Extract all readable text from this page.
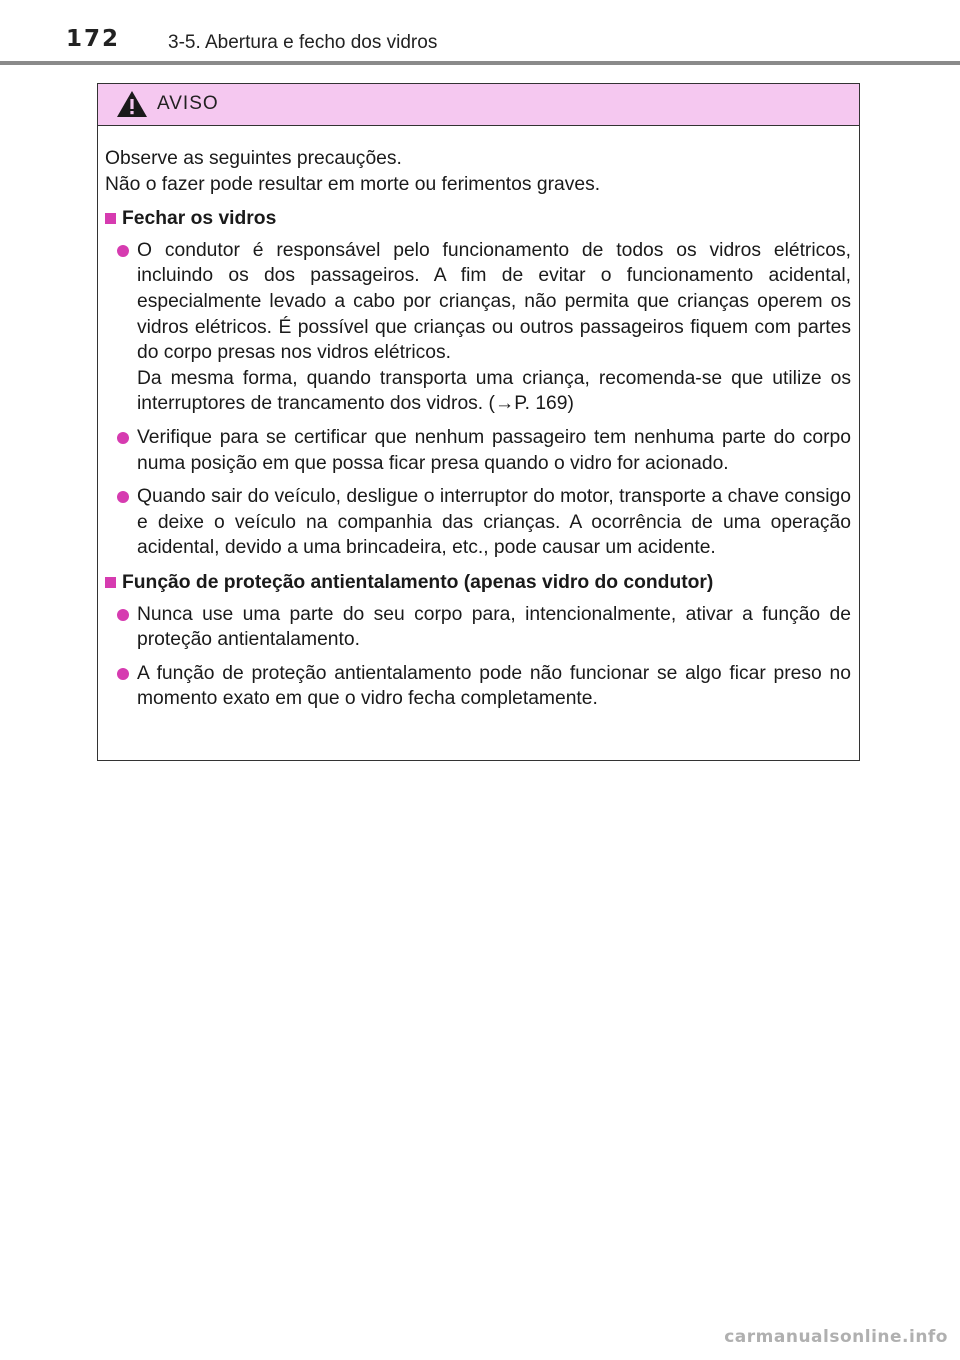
172	3-5. Abertura e fecho dos vidros
AVISO

Observe as seguintes precauções.

Não o fazer pode resultar em morte ou ferimentos graves.

Fechar os vidros

O condutor é responsável pelo funcionamento de todos os vidros elétricos, incluindo os dos passageiros. A fim de evitar o funcionamento acidental, especialmente levado a cabo por crianças, não permita que crianças operem os vidros elétricos. É possível que crianças ou outros passageiros fiquem com partes do corpo presas nos vidros elétricos.

Da mesma forma, quando transporta uma criança, recomenda-se que utilize os interruptores de trancamento dos vidros. (→P. 169)

Verifique para se certificar que nenhum passageiro tem nenhuma parte do corpo numa posição em que possa ficar presa quando o vidro for acionado.

Quando sair do veículo, desligue o interruptor do motor, transporte a chave consigo e deixe o veículo na companhia das crianças. A ocorrência de uma operação acidental, devido a uma brincadeira, etc., pode causar um acidente.

Função de proteção antientalamento (apenas vidro do condutor)

Nunca use uma parte do seu corpo para, intencionalmente, ativar a função de proteção antientalamento.

A função de proteção antientalamento pode não funcionar se algo ficar preso no momento exato em que o vidro fecha completamente.

carmanualsonline.info
